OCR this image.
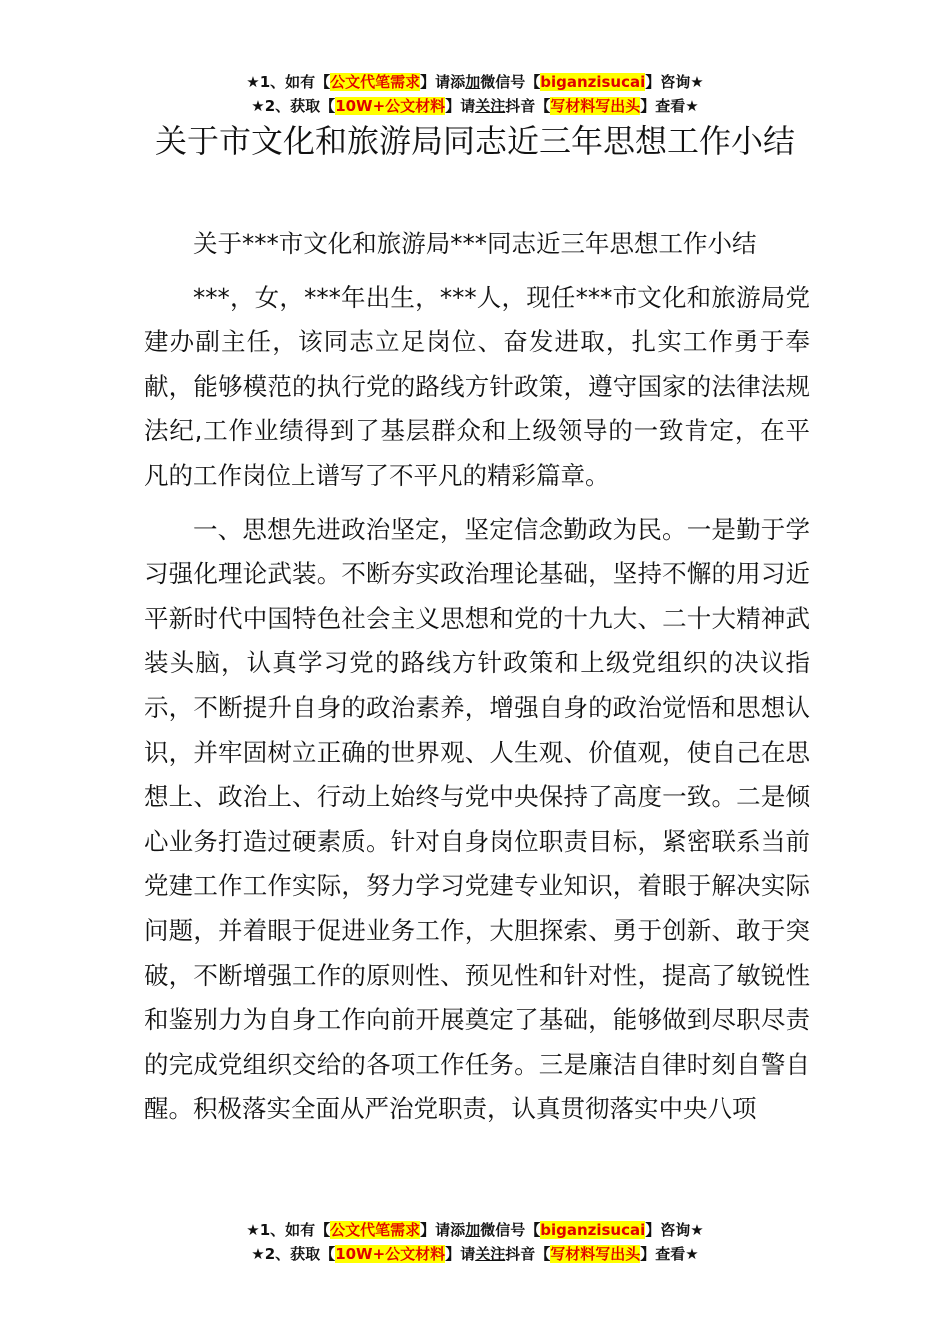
★1、如有【公文代笔需求】请添加微信号【biganzisucai】咨询★
★2、获取【10W+公文材料】请关注抖音【写材料写出头】查看★
关于市文化和旅游局同志近三年思想工作小结

关于***市文化和旅游局***同志近三年思想工作小结

***，女，***年出生，***人，现任***市文化和旅游局党建办副主任，该同志立足岗位、奋发进取，扎实工作勇于奉献，能够模范的执行党的路线方针政策，遵守国家的法律法规法纪,工作业绩得到了基层群众和上级领导的一致肯定，在平凡的工作岗位上谱写了不平凡的精彩篇章。

一、思想先进政治坚定，坚定信念勤政为民。一是勤于学习强化理论武装。不断夯实政治理论基础，坚持不懈的用习近平新时代中国特色社会主义思想和党的十九大、二十大精神武装头脑，认真学习党的路线方针政策和上级党组织的决议指示，不断提升自身的政治素养，增强自身的政治觉悟和思想认识，并牢固树立正确的世界观、人生观、价值观，使自己在思想上、政治上、行动上始终与党中央保持了高度一致。二是倾心业务打造过硬素质。针对自身岗位职责目标，紧密联系当前党建工作工作实际，努力学习党建专业知识，着眼于解决实际问题，并着眼于促进业务工作，大胆探索、勇于创新、敢于突破，不断增强工作的原则性、预见性和针对性，提高了敏锐性和鉴别力为自身工作向前开展奠定了基础，能够做到尽职尽责的完成党组织交给的各项工作任务。三是廉洁自律时刻自警自醒。积极落实全面从严治党职责，认真贯彻落实中央八项

★1、如有【公文代笔需求】请添加微信号【biganzisucai】咨询★
★2、获取【10W+公文材料】请关注抖音【写材料写出头】查看★
